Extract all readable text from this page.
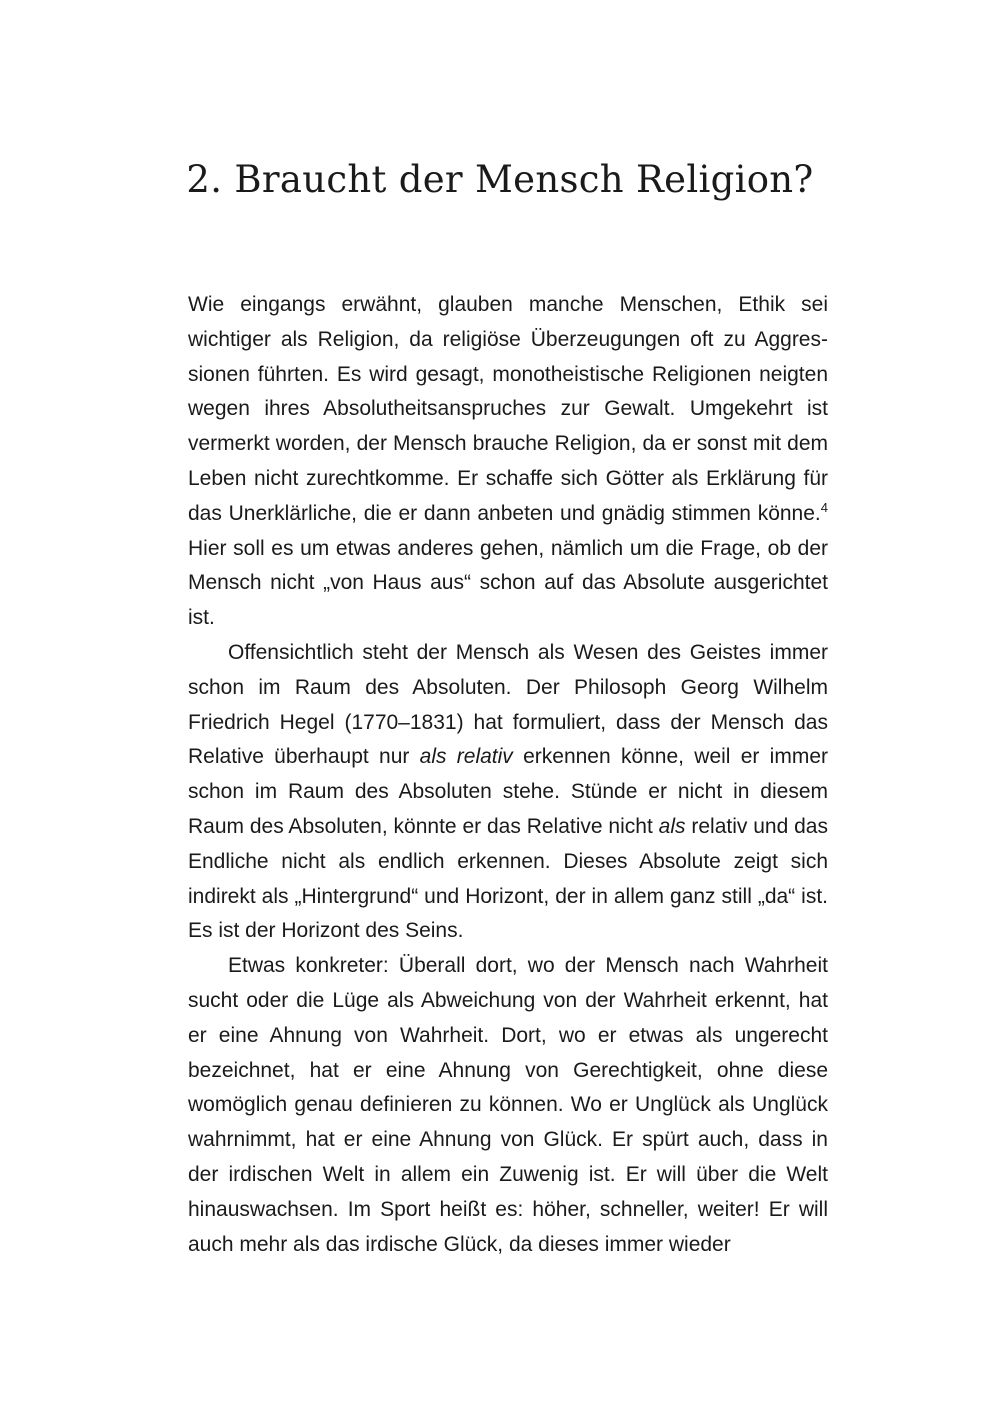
2. Braucht der Mensch Religion?

Wie eingangs erwähnt, glauben manche Menschen, Ethik sei wichtiger als Religion, da religiöse Überzeugungen oft zu Aggressionen führten. Es wird gesagt, monotheistische Religionen neigten wegen ihres Absolutheitsanspruches zur Gewalt. Umgekehrt ist vermerkt worden, der Mensch brauche Religion, da er sonst mit dem Leben nicht zurechtkomme. Er schaffe sich Götter als Erklärung für das Unerklärliche, die er dann anbeten und gnädig stimmen könne.$^4$ Hier soll es um etwas anderes gehen, nämlich um die Frage, ob der Mensch nicht „von Haus aus“ schon auf das Absolute ausgerichtet ist.

Offensichtlich steht der Mensch als Wesen des Geistes immer schon im Raum des Absoluten. Der Philosoph Georg Wilhelm Friedrich Hegel (1770–1831) hat formuliert, dass der Mensch das Relative überhaupt nur als relativ erkennen könne, weil er immer schon im Raum des Absoluten stehe. Stünde er nicht in diesem Raum des Absoluten, könnte er das Relative nicht als relativ und das Endliche nicht als endlich erkennen. Dieses Absolute zeigt sich indirekt als „Hintergrund“ und Horizont, der in allem ganz still „da“ ist. Es ist der Horizont des Seins.

Etwas konkreter: Überall dort, wo der Mensch nach Wahrheit sucht oder die Lüge als Abweichung von der Wahrheit erkennt, hat er eine Ahnung von Wahrheit. Dort, wo er etwas als ungerecht bezeichnet, hat er eine Ahnung von Gerechtigkeit, ohne diese womöglich genau definieren zu können. Wo er Unglück als Unglück wahrnimmt, hat er eine Ahnung von Glück. Er spürt auch, dass in der irdischen Welt in allem ein Zuwenig ist. Er will über die Welt hinauswachsen. Im Sport heißt es: höher, schneller, weiter! Er will auch mehr als das irdische Glück, da dieses immer wieder
